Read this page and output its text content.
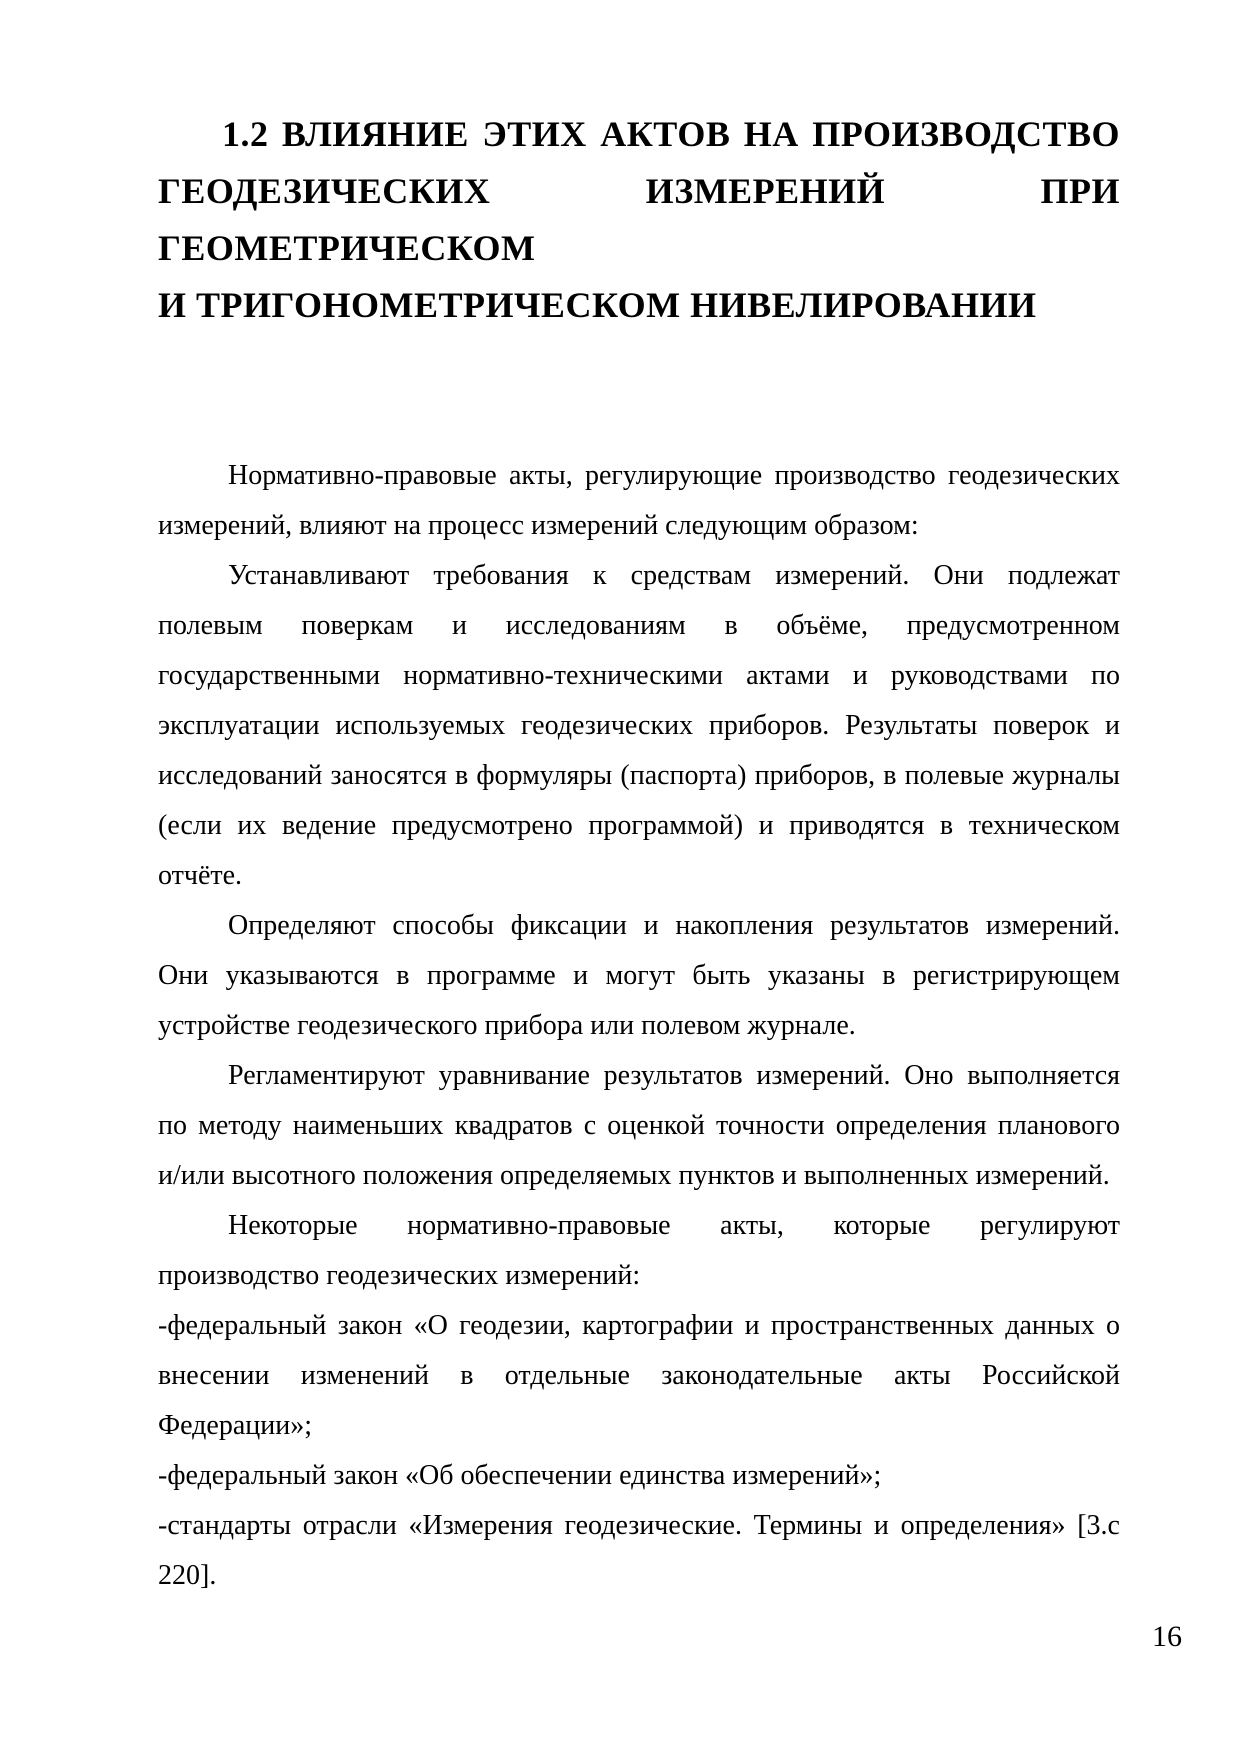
1.2 ВЛИЯНИЕ ЭТИХ АКТОВ НА ПРОИЗВОДСТВО
ГЕОДЕЗИЧЕСКИХ ИЗМЕРЕНИЙ ПРИ ГЕОМЕТРИЧЕСКОМ
И ТРИГОНОМЕТРИЧЕСКОМ НИВЕЛИРОВАНИИ
Нормативно-правовые акты, регулирующие производство геодезических
измерений, влияют на процесс измерений следующим образом:
Устанавливают требования к средствам измерений. Они подлежат
полевым поверкам и исследованиям в объёме, предусмотренном
государственными нормативно-техническими актами и руководствами по
эксплуатации используемых геодезических приборов. Результаты поверок и
исследований заносятся в формуляры (паспорта) приборов, в полевые журналы
(если их ведение предусмотрено программой) и приводятся в техническом
отчёте.
Определяют способы фиксации и накопления результатов измерений.
Они указываются в программе и могут быть указаны в регистрирующем
устройстве геодезического прибора или полевом журнале.
Регламентируют уравнивание результатов измерений. Оно выполняется
по методу наименьших квадратов с оценкой точности определения планового
и/или высотного положения определяемых пунктов и выполненных измерений.
Некоторые нормативно-правовые акты, которые регулируют
производство геодезических измерений:
-федеральный закон «О геодезии, картографии и пространственных данных о
внесении изменений в отдельные законодательные акты Российской
Федерации»;
-федеральный закон «Об обеспечении единства измерений»;
-стандарты отрасли «Измерения геодезические. Термины и определения» [3.с
220].
16
